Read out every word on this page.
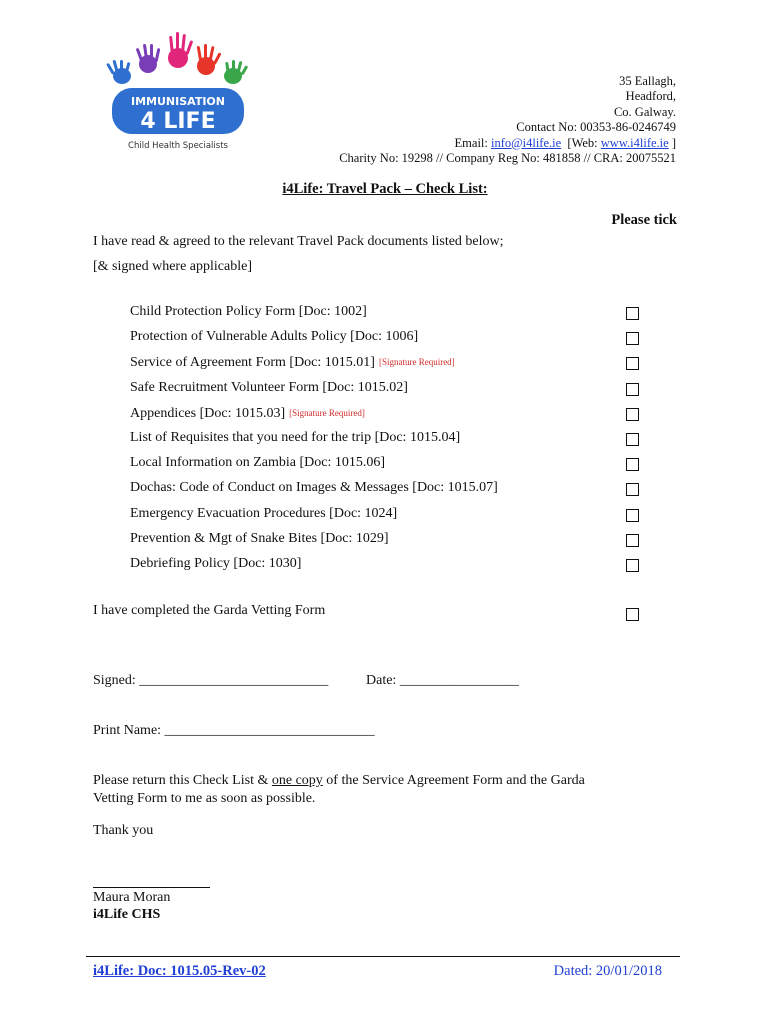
IMMUNISATION
4 LIFE
Child Health Specialists
35 Eallagh,
Headford,
Co. Galway.
Contact No: 00353-86-0246749
Email: info@i4life.ie  [Web: www.i4life.ie ]
Charity No: 19298 // Company Reg No: 481858 // CRA: 20075521
i4Life: Travel Pack – Check List:
Please tick
I have read & agreed to the relevant Travel Pack documents listed below;
[& signed where applicable]
Child Protection Policy Form [Doc: 1002]
Protection of Vulnerable Adults Policy [Doc: 1006]
Service of Agreement Form [Doc: 1015.01] [Signature Required]
Safe Recruitment Volunteer Form [Doc: 1015.02]
Appendices [Doc: 1015.03] [Signature Required]
List of Requisites that you need for the trip [Doc: 1015.04]
Local Information on Zambia [Doc: 1015.06]
Dochas: Code of Conduct on Images & Messages [Doc: 1015.07]
Emergency Evacuation Procedures [Doc: 1024]
Prevention & Mgt of Snake Bites [Doc: 1029]
Debriefing Policy [Doc: 1030]
I have completed the Garda Vetting Form
Signed: ___________________________	Date: _________________
Print Name: ______________________________
Please return this Check List & one copy of the Service Agreement Form and the Garda
Vetting Form to me as soon as possible.
Thank you
Maura Moran
i4Life CHS
i4Life: Doc: 1015.05-Rev-02	Dated: 20/01/2018
